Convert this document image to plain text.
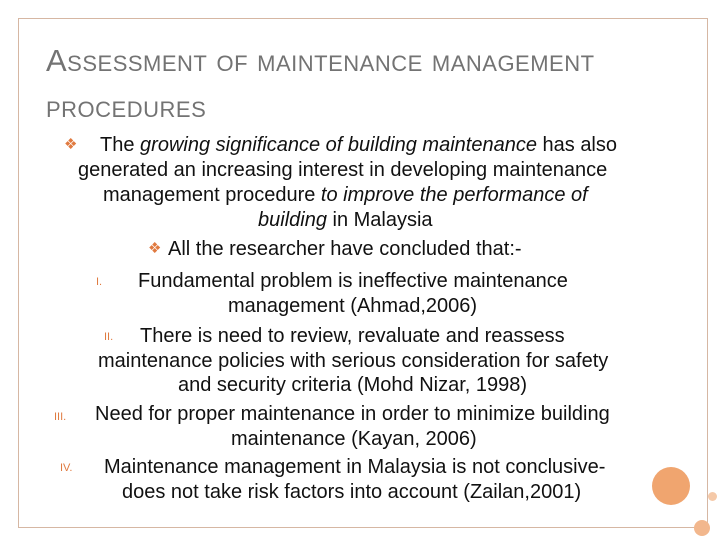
Assessment of maintenance management procedures
❖ The growing significance of building maintenance has also
generated an increasing interest in developing maintenance
management procedure to improve the performance of
building in Malaysia
❖ All the researcher have concluded that:-
I. Fundamental problem is ineffective maintenance
management (Ahmad,2006)
II. There is need to review, revaluate and reassess
maintenance policies with serious consideration for safety
and security criteria (Mohd Nizar, 1998)
III. Need for proper maintenance in order to minimize building
maintenance (Kayan, 2006)
IV. Maintenance management in Malaysia is not conclusive-
does not take risk factors into account (Zailan,2001)
